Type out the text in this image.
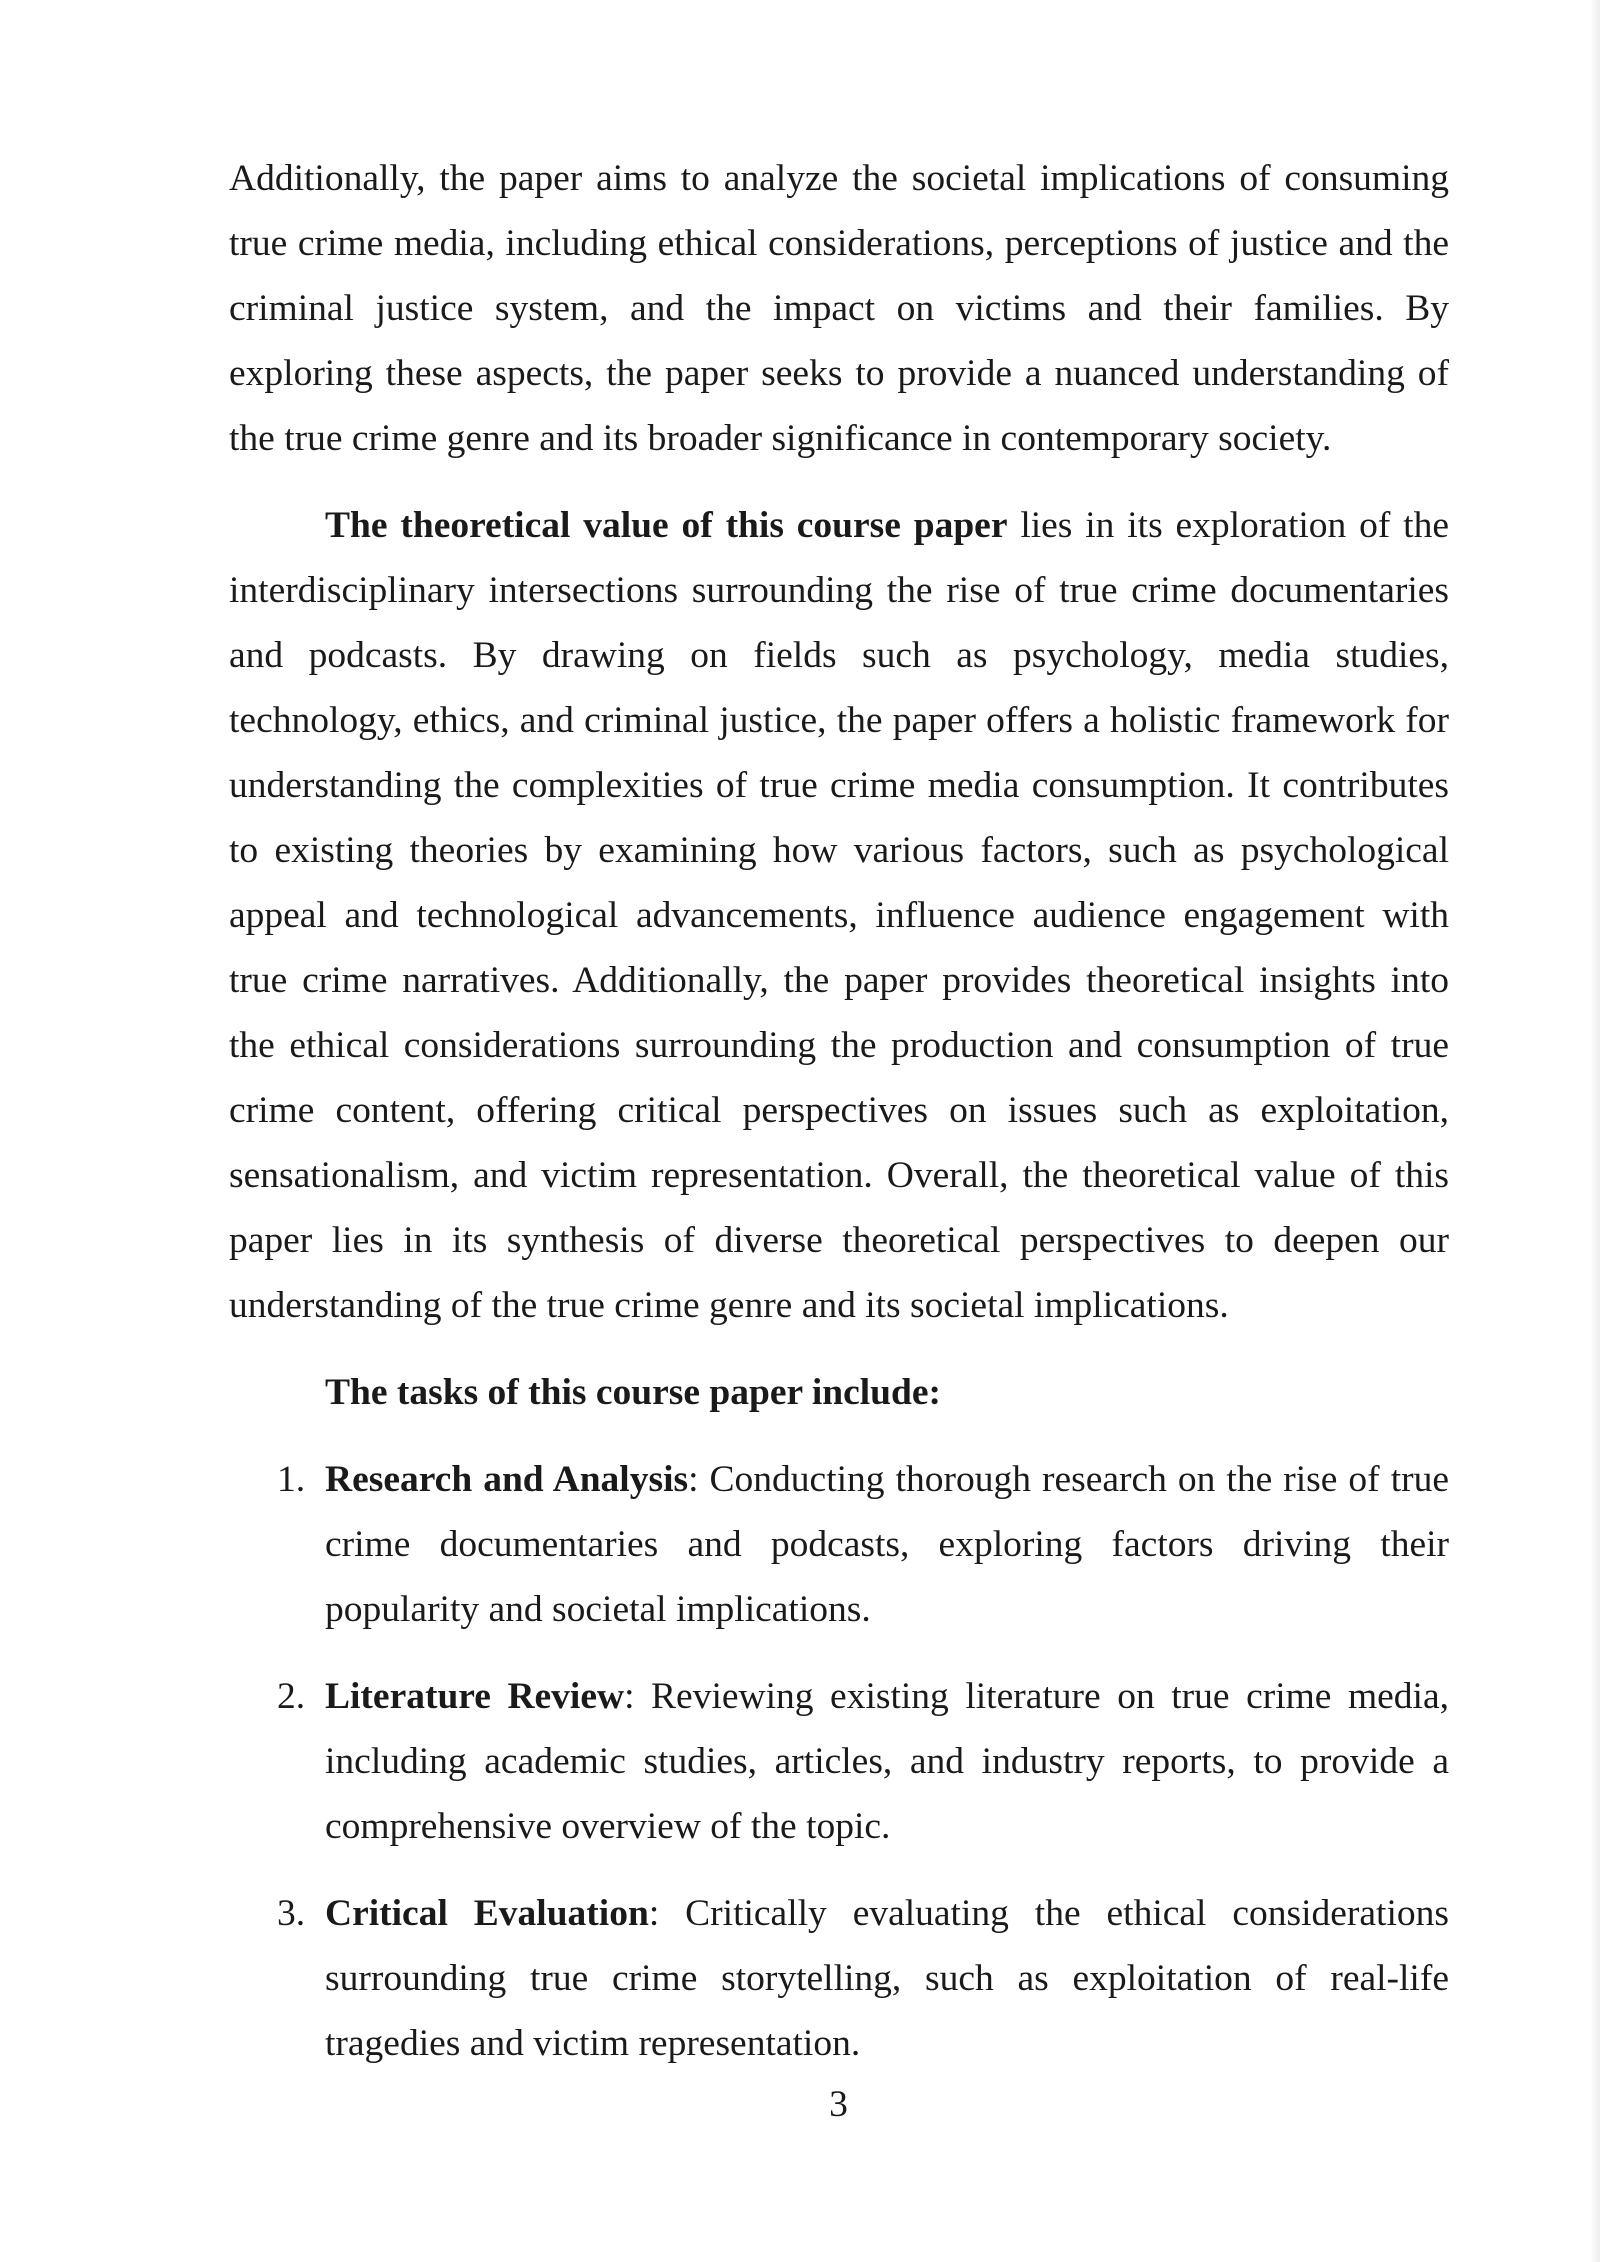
Additionally, the paper aims to analyze the societal implications of consuming true crime media, including ethical considerations, perceptions of justice and the criminal justice system, and the impact on victims and their families. By exploring these aspects, the paper seeks to provide a nuanced understanding of the true crime genre and its broader significance in contemporary society.

The theoretical value of this course paper lies in its exploration of the interdisciplinary intersections surrounding the rise of true crime documentaries and podcasts. By drawing on fields such as psychology, media studies, technology, ethics, and criminal justice, the paper offers a holistic framework for understanding the complexities of true crime media consumption. It contributes to existing theories by examining how various factors, such as psychological appeal and technological advancements, influence audience engagement with true crime narratives. Additionally, the paper provides theoretical insights into the ethical considerations surrounding the production and consumption of true crime content, offering critical perspectives on issues such as exploitation, sensationalism, and victim representation. Overall, the theoretical value of this paper lies in its synthesis of diverse theoretical perspectives to deepen our understanding of the true crime genre and its societal implications.

The tasks of this course paper include:

1. Research and Analysis: Conducting thorough research on the rise of true crime documentaries and podcasts, exploring factors driving their popularity and societal implications.
2. Literature Review: Reviewing existing literature on true crime media, including academic studies, articles, and industry reports, to provide a comprehensive overview of the topic.
3. Critical Evaluation: Critically evaluating the ethical considerations surrounding true crime storytelling, such as exploitation of real-life tragedies and victim representation.
3
